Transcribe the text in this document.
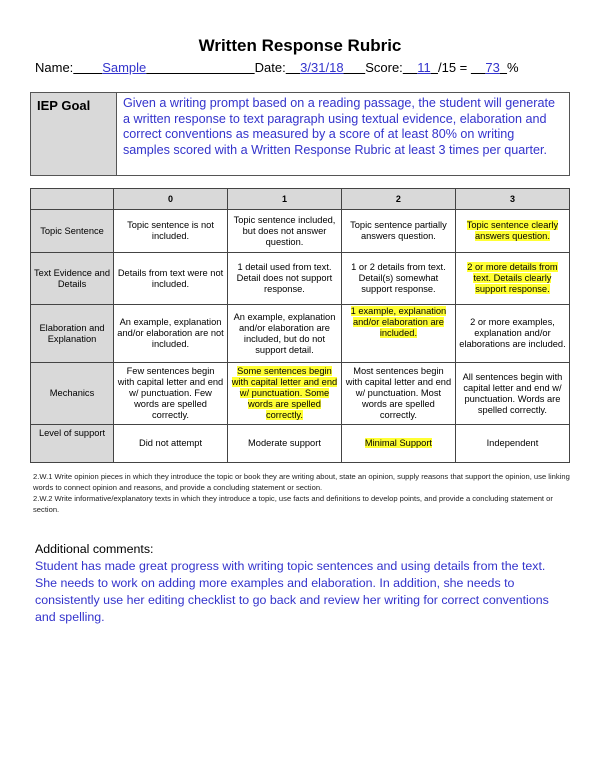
Written Response Rubric
Name: Sample	Date: 3/31/18 Score: 11 /15 = 73 %
IEP Goal	Given a writing prompt based on a reading passage, the student will generate a written response to text paragraph using textual evidence, elaboration and correct conventions as measured by a score of at least 80% on writing samples scored with a Written Response Rubric at least 3 times per quarter.
	0	1	2	3
Topic Sentence	Topic sentence is not included.	Topic sentence included, but does not answer question.	Topic sentence partially answers question.	Topic sentence clearly answers question.
Text Evidence and Details	Details from text were not included.	1 detail used from text. Detail does not support response.	1 or 2 details from text. Detail(s) somewhat support response.	2 or more details from text. Details clearly support response.
Elaboration and Explanation	An example, explanation and/or elaboration are not included.	An example, explanation and/or elaboration are included, but do not support detail.	1 example, explanation and/or elaboration are included.	2 or more examples, explanation and/or elaborations are included.
Mechanics	Few sentences begin with capital letter and end w/ punctuation. Few words are spelled correctly.	Some sentences begin with capital letter and end w/ punctuation. Some words are spelled correctly.	Most sentences begin with capital letter and end w/ punctuation. Most words are spelled correctly.	All sentences begin with capital letter and end w/ punctuation. Words are spelled correctly.
Level of support	Did not attempt	Moderate support	Minimal Support	Independent
2.W.1 Write opinion pieces in which they introduce the topic or book they are writing about, state an opinion, supply reasons that support the opinion, use linking words to connect opinion and reasons, and provide a concluding statement or section.
2.W.2 Write informative/explanatory texts in which they introduce a topic, use facts and definitions to develop points, and provide a concluding statement or section.
Additional comments:
Student has made great progress with writing topic sentences and using details from the text. She needs to work on adding more examples and elaboration. In addition, she needs to consistently use her editing checklist to go back and review her writing for correct conventions and spelling.
